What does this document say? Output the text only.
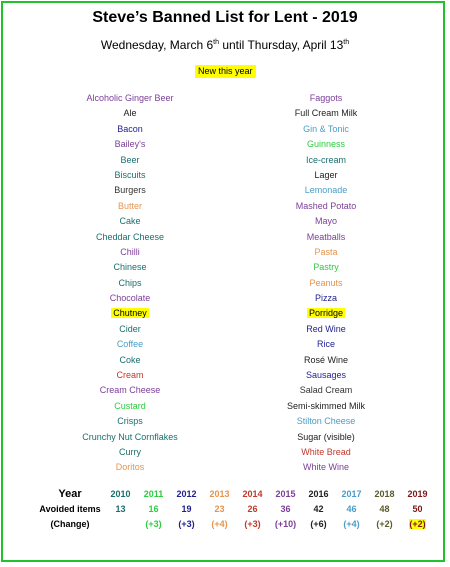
Steve’s Banned List for Lent - 2019
Wednesday, March 6th until Thursday, April 13th
New this year
Alcoholic Ginger Beer
Ale
Bacon
Bailey's
Beer
Biscuits
Burgers
Butter
Cake
Cheddar Cheese
Chilli
Chinese
Chips
Chocolate
Chutney
Cider
Coffee
Coke
Cream
Cream Cheese
Custard
Crisps
Crunchy Nut Cornflakes
Curry
Doritos
Faggots
Full Cream Milk
Gin & Tonic
Guinness
Ice-cream
Lager
Lemonade
Mashed Potato
Mayo
Meatballs
Pasta
Pastry
Peanuts
Pizza
Porridge
Red Wine
Rice
Rosé Wine
Sausages
Salad Cream
Semi-skimmed Milk
Stilton Cheese
Sugar (visible)
White Bread
White Wine
Year	2010	2011	2012	2013	2014	2015	2016	2017	2018	2019
Avoided items	13	16	19	23	26	36	42	46	48	50
(Change)		(+3)	(+3)	(+4)	(+3)	(+10)	(+6)	(+4)	(+2)	(+2)
